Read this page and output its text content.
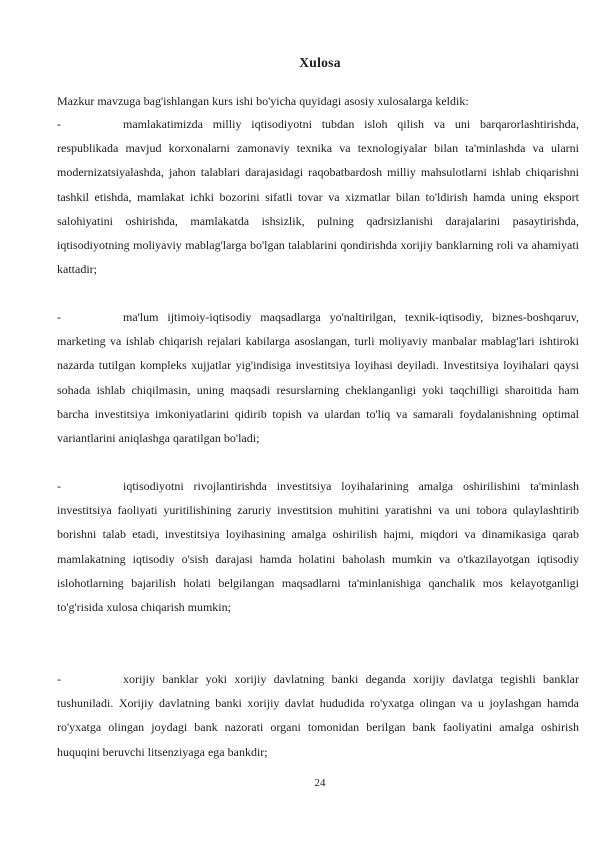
Xulosa
Mazkur mavzuga bag'ishlangan kurs ishi bo'yicha quyidagi asosiy xulosalarga keldik:
-	mamlakatimizda milliy iqtisodiyotni tubdan isloh qilish va uni barqarorlashtirishda, respublikada mavjud korxonalarni zamonaviy texnika va texnologiyalar bilan ta'minlashda va ularni modernizatsiyalashda, jahon talablari darajasidagi raqobatbardosh milliy mahsulotlarni ishlab chiqarishni tashkil etishda, mamlakat ichki bozorini sifatli tovar va xizmatlar bilan to'ldirish hamda uning eksport salohiyatini oshirishda, mamlakatda ishsizlik, pulning qadrsizlanishi darajalarini pasaytirishda, iqtisodiyotning moliyaviy mablag'larga bo'lgan talablarini qondirishda xorijiy banklarning roli va ahamiyati kattadir;

-	ma'lum ijtimoiy-iqtisodiy maqsadlarga yo'naltirilgan, texnik-iqtisodiy, biznes-boshqaruv, marketing va ishlab chiqarish rejalari kabilarga asoslangan, turli moliyaviy manbalar mablag'lari ishtiroki nazarda tutilgan kompleks xujjatlar yig'indisiga investitsiya loyihasi deyiladi. Investitsiya loyihalari qaysi sohada ishlab chiqilmasin, uning maqsadi resurslarning cheklanganligi yoki taqchilligi sharoitida ham barcha investitsiya imkoniyatlarini qidirib topish va ulardan to'liq va samarali foydalanishning optimal variantlarini aniqlashga qaratilgan bo'ladi;

-	iqtisodiyotni rivojlantirishda investitsiya loyihalarining amalga oshirilishini ta'minlash investitsiya faoliyati yuritilishining zaruriy investitsion muhitini yaratishni va uni tobora qulaylashtirib borishni talab etadi, investitsiya loyihasining amalga oshirilish hajmi, miqdori va dinamikasiga qarab mamlakatning iqtisodiy o'sish darajasi hamda holatini baholash mumkin va o'tkazilayotgan iqtisodiy islohotlarning bajarilish holati belgilangan maqsadlarni ta'minlanishiga qanchalik mos kelayotganligi to'g'risida xulosa chiqarish mumkin;

-	xorijiy banklar yoki xorijiy davlatning banki deganda xorijiy davlatga tegishli banklar tushuniladi. Xorijiy davlatning banki xorijiy davlat hududida ro'yxatga olingan va u joylashgan hamda ro'yxatga olingan joydagi bank nazorati organi tomonidan berilgan bank faoliyatini amalga oshirish huquqini beruvchi litsenziyaga ega bankdir;

24
